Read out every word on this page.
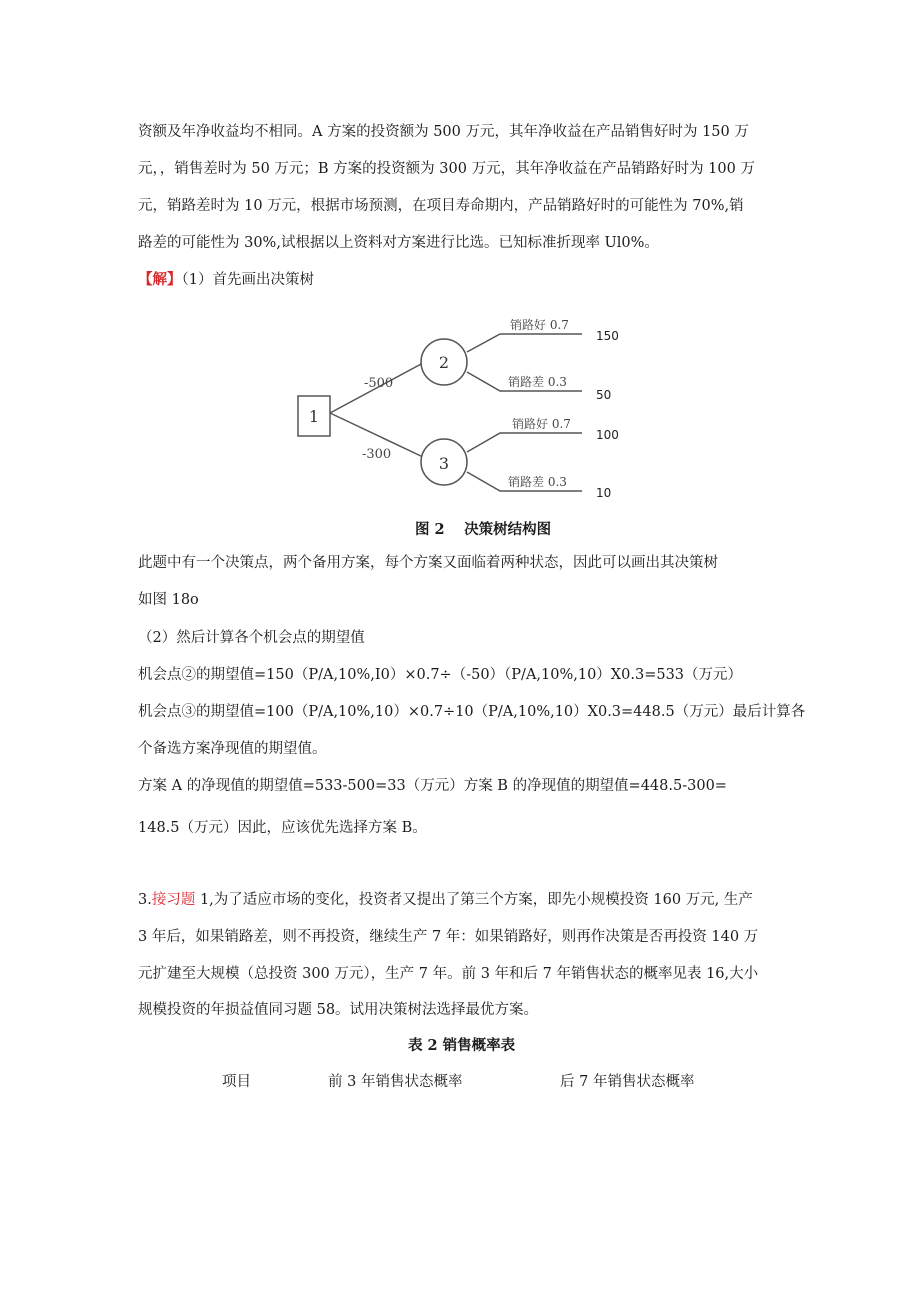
资额及年净收益均不相同。A 方案的投资额为 500 万元，其年净收益在产品销售好时为 150 万
元，，销售差时为 50 万元；B 方案的投资额为 300 万元，其年净收益在产品销路好时为 100 万
元，销路差时为 10 万元，根据市场预测，在项目寿命期内，产品销路好时的可能性为 70%,销
路差的可能性为 30%,试根据以上资料对方案进行比选。已知标准折现率 Ul0%。
【解】（1）首先画出决策树
1
-500
-300
2
3
销路好 0.7
销路差 0.3
销路好 0.7
销路差 0.3
150
50
100
10
图 2　 决策树结构图
此题中有一个决策点，两个备用方案，每个方案又面临着两种状态，因此可以画出其决策树
如图 18o
（2）然后计算各个机会点的期望值
机会点②的期望值=150（P/A,10%,I0）×0.7÷（-50）（P/A,10%,10）X0.3=533（万元）
机会点③的期望值=100（P/A,10%,10）×0.7÷10（P/A,10%,10）X0.3=448.5（万元）最后计算各
个备选方案净现值的期望值。
方案 A 的净现值的期望值=533-500=33（万元）方案 B 的净现值的期望值=448.5-300=
148.5（万元）因此，应该优先选择方案 B。
3.接习题 1,为了适应市场的变化，投资者又提出了第三个方案，即先小规模投资 160 万元, 生产
3 年后，如果销路差，则不再投资，继续生产 7 年：如果销路好，则再作决策是否再投资 140 万
元扩建至大规模（总投资 300 万元），生产 7 年。前 3 年和后 7 年销售状态的概率见表 16,大小
规模投资的年损益值同习题 58。试用决策树法选择最优方案。
表 2 销售概率表
项目	前 3 年销售状态概率	后 7 年销售状态概率
